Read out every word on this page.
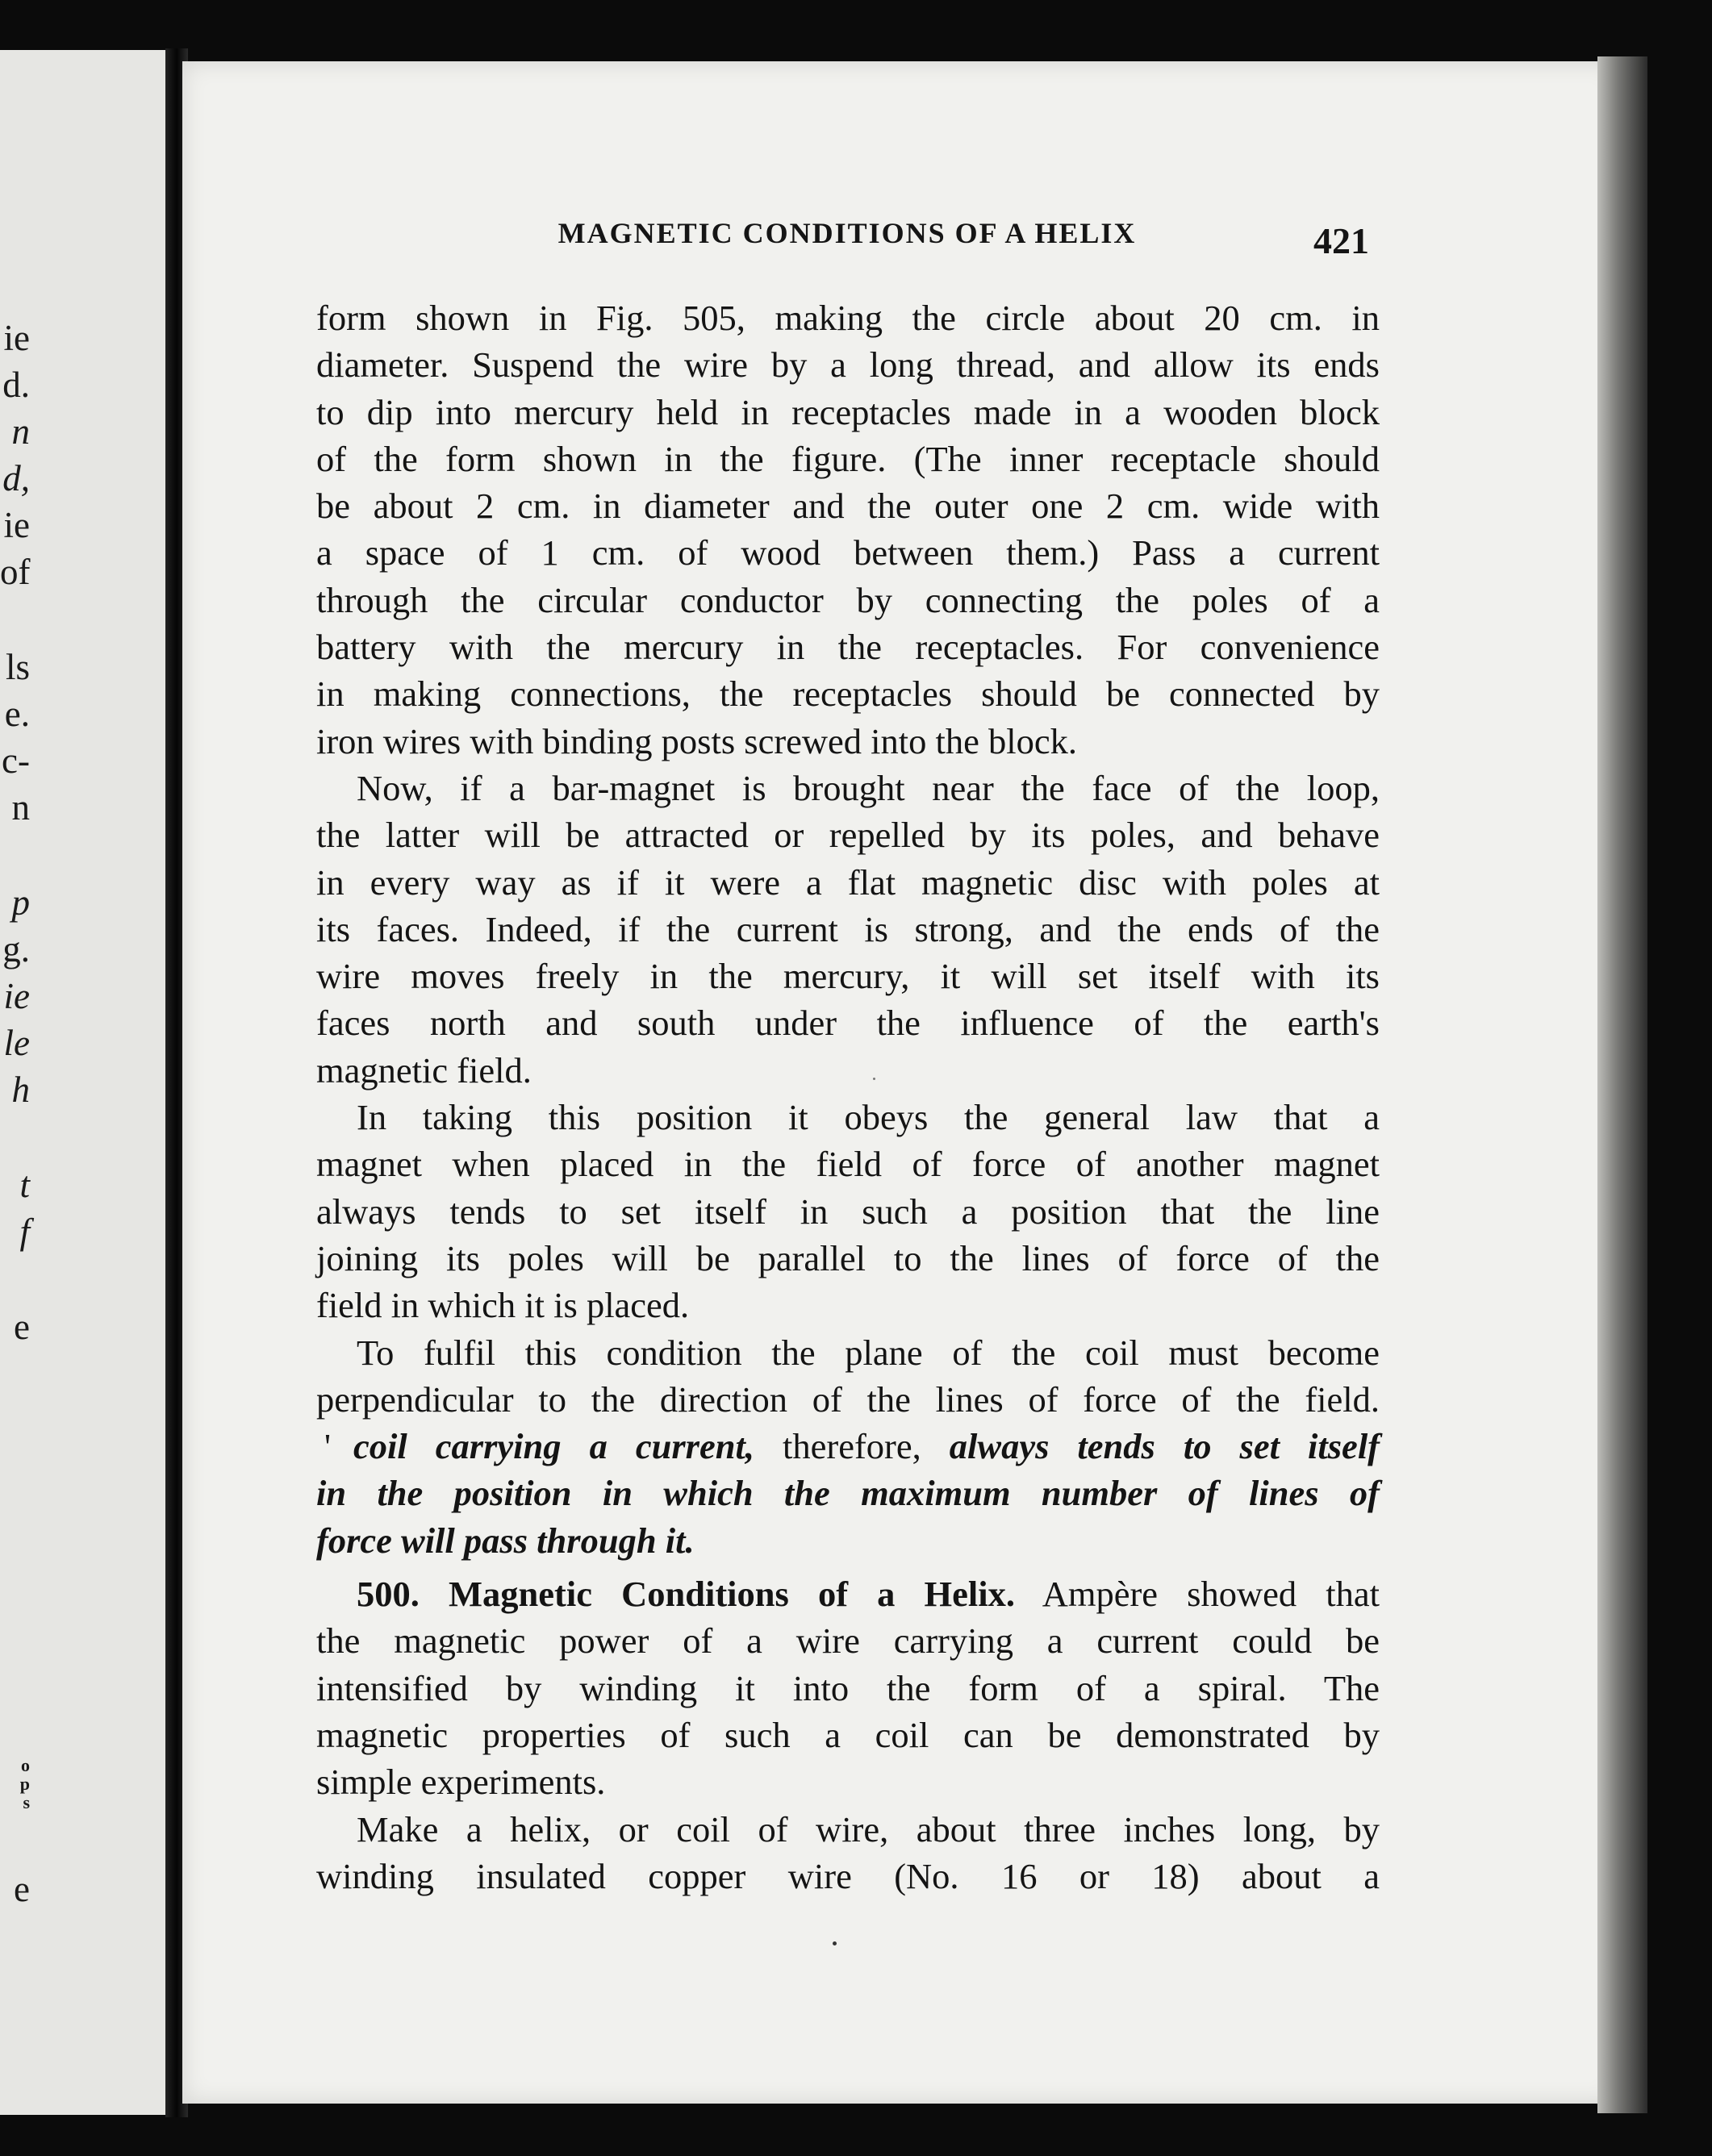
ie
d.
n
d,
ie
of
ls
e.
c-
n
p
g.
ie
le
h
t
f
e
o
p
s
e
MAGNETIC CONDITIONS OF A HELIX	421
form shown in Fig. 505, making the circle about 20 cm. in
diameter. Suspend the wire by a long thread, and allow its ends
to dip into mercury held in receptacles made in a wooden block
of the form shown in the figure. (The inner receptacle should
be about 2 cm. in diameter and the outer one 2 cm. wide with
a space of 1 cm. of wood between them.) Pass a current
through the circular conductor by connecting the poles of a
battery with the mercury in the receptacles. For convenience
in making connections, the receptacles should be connected by
iron wires with binding posts screwed into the block.
Now, if a bar-magnet is brought near the face of the loop,
the latter will be attracted or repelled by its poles, and behave
in every way as if it were a flat magnetic disc with poles at
its faces. Indeed, if the current is strong, and the ends of the
wire moves freely in the mercury, it will set itself with its
faces north and south under the influence of the earth's
magnetic field.
In taking this position it obeys the general law that a
magnet when placed in the field of force of another magnet
always tends to set itself in such a position that the line
joining its poles will be parallel to the lines of force of the
field in which it is placed.
To fulfil this condition the plane of the coil must become
perpendicular to the direction of the lines of force of the field.
' coil carrying a current, therefore, always tends to set itself
in the position in which the maximum number of lines of
force will pass through it.
500. Magnetic Conditions of a Helix. Ampère showed that
the magnetic power of a wire carrying a current could be
intensified by winding it into the form of a spiral. The
magnetic properties of such a coil can be demonstrated by
simple experiments.
Make a helix, or coil of wire, about three inches long, by
winding insulated copper wire (No. 16 or 18) about a
